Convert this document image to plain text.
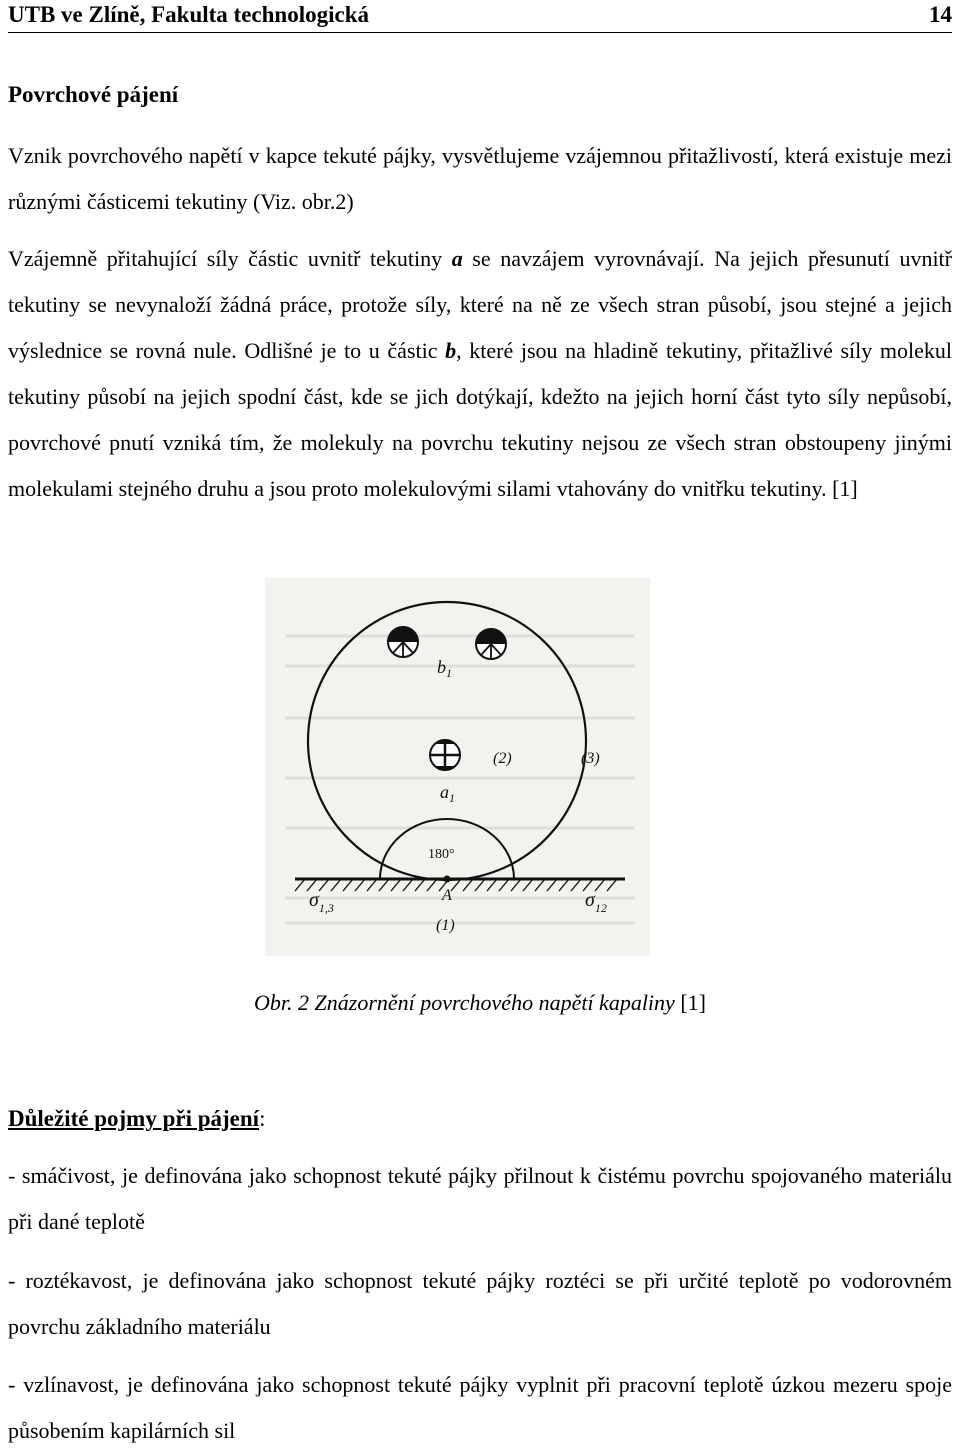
UTB ve Zlíně, Fakulta technologická	14
Povrchové pájení
Vznik povrchového napětí v kapce tekuté pájky, vysvětlujeme vzájemnou přitažlivostí, která existuje mezi různými částicemi tekutiny (Viz. obr.2)
Vzájemně přitahující síly částic uvnitř tekutiny a se navzájem vyrovnávají. Na jejich přesunutí uvnitř tekutiny se nevynaloží žádná práce, protože síly, které na ně ze všech stran působí, jsou stejné a jejich výslednice se rovná nule. Odlišné je to u částic b, které jsou na hladině tekutiny, přitažlivé síly molekul tekutiny působí na jejich spodní část, kde se jich dotýkají, kdežto na jejich horní část tyto síly nepůsobí, povrchové pnutí vzniká tím, že molekuly na povrchu tekutiny nejsou ze všech stran obstoupeny jinými molekulami stejného druhu a jsou proto molekulovými silami vtahovány do vnitřku tekutiny. [1]
$b_1$
$a_1$
(2)	(3)
180°
A
(1)
$\sigma_{1,3}$	$\sigma_{12}$
Obr. 2 Znázornění povrchového napětí kapaliny [1]
Důležité pojmy při pájení:
- smáčivost, je definována jako schopnost tekuté pájky přilnout k čistému povrchu spojovaného materiálu při dané teplotě
- roztékavost, je definována jako schopnost tekuté pájky roztéci se při určité teplotě po vodorovném povrchu základního materiálu
- vzlínavost, je definována jako schopnost tekuté pájky vyplnit při pracovní teplotě úzkou mezeru spoje působením kapilárních sil
